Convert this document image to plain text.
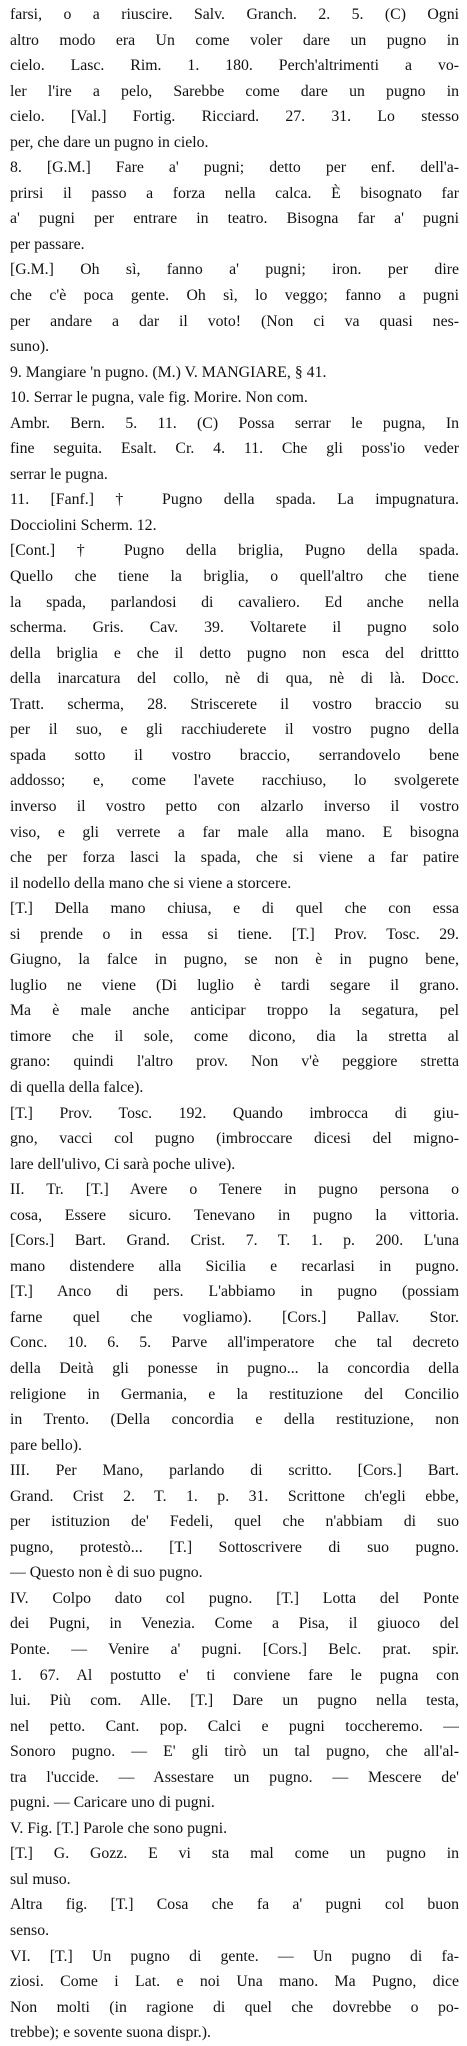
farsi, o a riuscire. Salv. Granch. 2. 5. (C) Ogni
altro modo era Un come voler dare un pugno in
cielo. Lasc. Rim. 1. 180. Perch'altrimenti a vo-
ler l'ire a pelo, Sarebbe come dare un pugno in
cielo. [Val.] Fortig. Ricciard. 27. 31. Lo stesso
per, che dare un pugno in cielo.
8. [G.M.] Fare a' pugni; detto per enf. dell'a-
prirsi il passo a forza nella calca. È bisognato far
a' pugni per entrare in teatro. Bisogna far a' pugni
per passare.
[G.M.] Oh sì, fanno a' pugni; iron. per dire
che c'è poca gente. Oh sì, lo veggo; fanno a pugni
per andare a dar il voto! (Non ci va quasi nes-
suno).
9. Mangiare 'n pugno. (M.) V. MANGIARE, § 41.
10. Serrar le pugna, vale fig. Morire. Non com.
Ambr. Bern. 5. 11. (C) Possa serrar le pugna, In
fine seguita. Esalt. Cr. 4. 11. Che gli poss'io veder
serrar le pugna.
11. [Fanf.] † Pugno della spada. La impugnatura.
Docciolini Scherm. 12.
[Cont.] † Pugno della briglia, Pugno della spada.
Quello che tiene la briglia, o quell'altro che tiene
la spada, parlandosi di cavaliero. Ed anche nella
scherma. Gris. Cav. 39. Voltarete il pugno solo
della briglia e che il detto pugno non esca del drittto
della inarcatura del collo, nè di qua, nè di là. Docc.
Tratt. scherma, 28. Striscerete il vostro braccio su
per il suo, e gli racchiuderete il vostro pugno della
spada sotto il vostro braccio, serrandovelo bene
addosso; e, come l'avete racchiuso, lo svolgerete
inverso il vostro petto con alzarlo inverso il vostro
viso, e gli verrete a far male alla mano. E bisogna
che per forza lasci la spada, che si viene a far patire
il nodello della mano che si viene a storcere.
[T.] Della mano chiusa, e di quel che con essa
si prende o in essa si tiene. [T.] Prov. Tosc. 29.
Giugno, la falce in pugno, se non è in pugno bene,
luglio ne viene (Di luglio è tardi segare il grano.
Ma è male anche anticipar troppo la segatura, pel
timore che il sole, come dicono, dia la stretta al
grano: quindi l'altro prov. Non v'è peggiore stretta
di quella della falce).
[T.] Prov. Tosc. 192. Quando imbrocca di giu-
gno, vacci col pugno (imbroccare dicesi del migno-
lare dell'ulivo, Ci sarà poche ulive).
II. Tr. [T.] Avere o Tenere in pugno persona o
cosa, Essere sicuro. Tenevano in pugno la vittoria.
[Cors.] Bart. Grand. Crist. 7. T. 1. p. 200. L'una
mano distendere alla Sicilia e recarlasi in pugno.
[T.] Anco di pers. L'abbiamo in pugno (possiam
farne quel che vogliamo). [Cors.] Pallav. Stor.
Conc. 10. 6. 5. Parve all'imperatore che tal decreto
della Deità gli ponesse in pugno... la concordia della
religione in Germania, e la restituzione del Concilio
in Trento. (Della concordia e della restituzione, non
pare bello).
III. Per Mano, parlando di scritto. [Cors.] Bart.
Grand. Crist 2. T. 1. p. 31. Scrittone ch'egli ebbe,
per istituzion de' Fedeli, quel che n'abbiam di suo
pugno, protestò... [T.] Sottoscrivere di suo pugno.
— Questo non è di suo pugno.
IV. Colpo dato col pugno. [T.] Lotta del Ponte
dei Pugni, in Venezia. Come a Pisa, il giuoco del
Ponte. — Venire a' pugni. [Cors.] Belc. prat. spir.
1. 67. Al postutto e' ti conviene fare le pugna con
lui. Più com. Alle. [T.] Dare un pugno nella testa,
nel petto. Cant. pop. Calci e pugni toccheremo. —
Sonoro pugno. — E' gli tirò un tal pugno, che all'al-
tra l'uccide. — Assestare un pugno. — Mescere de'
pugni. — Caricare uno di pugni.
V. Fig. [T.] Parole che sono pugni.
[T.] G. Gozz. E vi sta mal come un pugno in
sul muso.
Altra fig. [T.] Cosa che fa a' pugni col buon
senso.
VI. [T.] Un pugno di gente. — Un pugno di fa-
ziosi. Come i Lat. e noi Una mano. Ma Pugno, dice
Non molti (in ragione di quel che dovrebbe o po-
trebbe); e sovente suona dispr.).
